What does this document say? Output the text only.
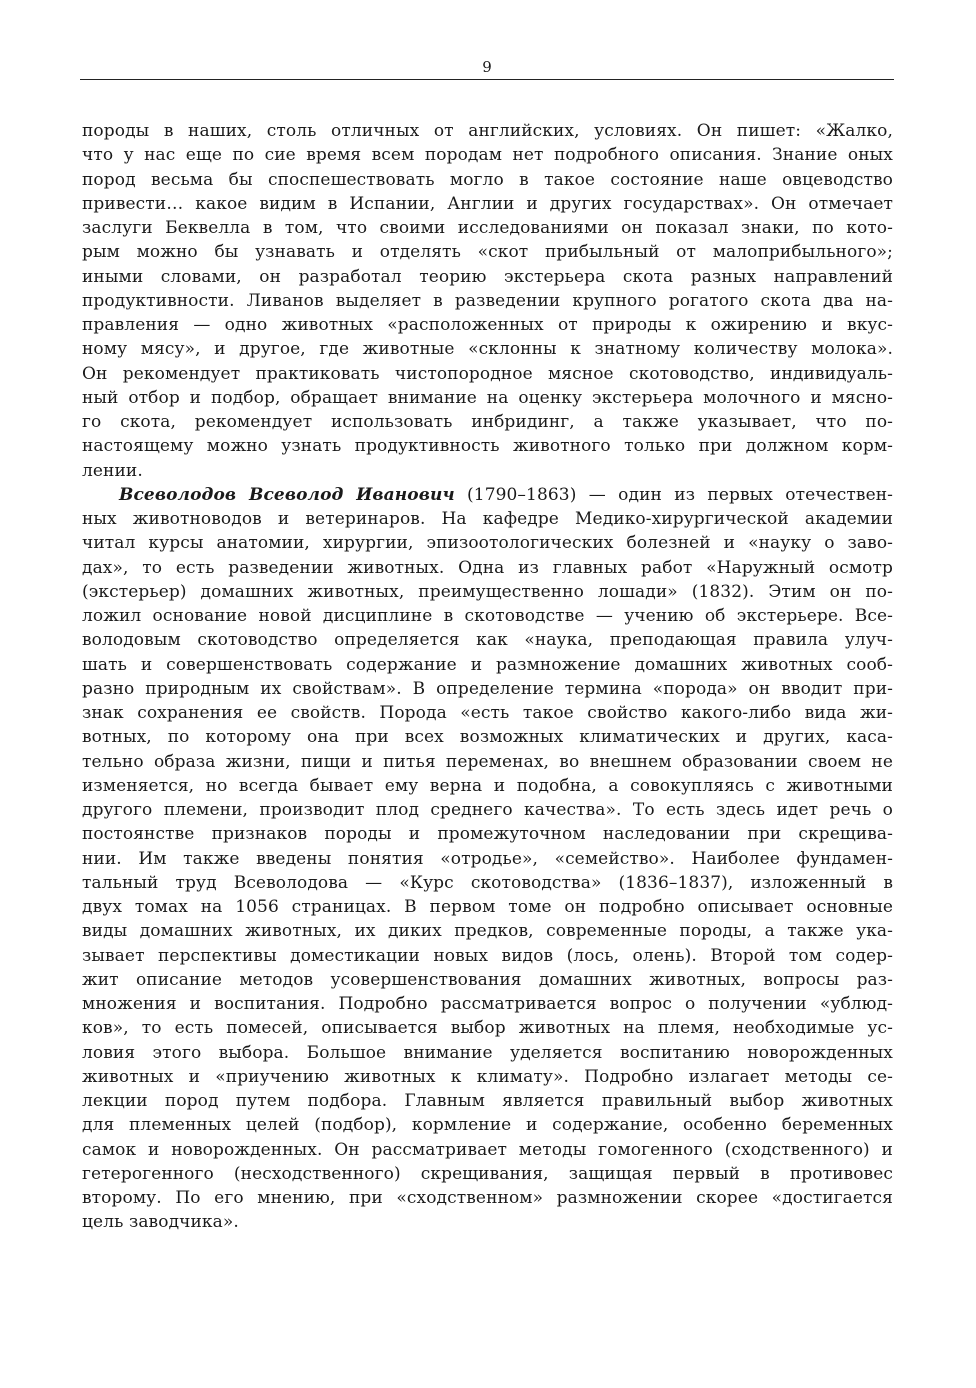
9
породы в наших, столь отличных от английских, условиях. Он пишет: «Жалко,
что у нас еще по сие время всем породам нет подробного описания. Знание оных
пород весьма бы споспешествовать могло в такое состояние наше овцеводство
привести… какое видим в Испании, Англии и других государствах». Он отмечает
заслуги Беквелла в том, что своими исследованиями он показал знаки, по кото-
рым можно бы узнавать и отделять «скот прибыльный от малоприбыльного»;
иными словами, он разработал теорию экстерьера скота разных направлений
продуктивности. Ливанов выделяет в разведении крупного рогатого скота два на-
правления — одно животных «расположенных от природы к ожирению и вкус-
ному мясу», и другое, где животные «склонны к знатному количеству молока».
Он рекомендует практиковать чистопородное мясное скотоводство, индивидуаль-
ный отбор и подбор, обращает внимание на оценку экстерьера молочного и мясно-
го скота, рекомендует использовать инбридинг, а также указывает, что по-
настоящему можно узнать продуктивность животного только при должном корм-
лении.
Всеволодов Всеволод Иванович (1790–1863) — один из первых отечествен-
ных животноводов и ветеринаров. На кафедре Медико-хирургической академии
читал курсы анатомии, хирургии, эпизоотологических болезней и «науку о заво-
дах», то есть разведении животных. Одна из главных работ «Наружный осмотр
(экстерьер) домашних животных, преимущественно лошади» (1832). Этим он по-
ложил основание новой дисциплине в скотоводстве — учению об экстерьере. Все-
володовым скотоводство определяется как «наука, преподающая правила улуч-
шать и совершенствовать содержание и размножение домашних животных сооб-
разно природным их свойствам». В определение термина «порода» он вводит при-
знак сохранения ее свойств. Порода «есть такое свойство какого-либо вида жи-
вотных, по которому она при всех возможных климатических и других, каса-
тельно образа жизни, пищи и питья переменах, во внешнем образовании своем не
изменяется, но всегда бывает ему верна и подобна, а совокупляясь с животными
другого племени, производит плод среднего качества». То есть здесь идет речь о
постоянстве признаков породы и промежуточном наследовании при скрещива-
нии. Им также введены понятия «отродье», «семейство». Наиболее фундамен-
тальный труд Всеволодова — «Курс скотоводства» (1836–1837), изложенный в
двух томах на 1056 страницах. В первом томе он подробно описывает основные
виды домашних животных, их диких предков, современные породы, а также ука-
зывает перспективы доместикации новых видов (лось, олень). Второй том содер-
жит описание методов усовершенствования домашних животных, вопросы раз-
множения и воспитания. Подробно рассматривается вопрос о получении «ублюд-
ков», то есть помесей, описывается выбор животных на племя, необходимые ус-
ловия этого выбора. Большое внимание уделяется воспитанию новорожденных
животных и «приучению животных к климату». Подробно излагает методы се-
лекции пород путем подбора. Главным является правильный выбор животных
для племенных целей (подбор), кормление и содержание, особенно беременных
самок и новорожденных. Он рассматривает методы гомогенного (сходственного) и
гетерогенного (несходственного) скрещивания, защищая первый в противовес
второму. По его мнению, при «сходственном» размножении скорее «достигается
цель заводчика».
